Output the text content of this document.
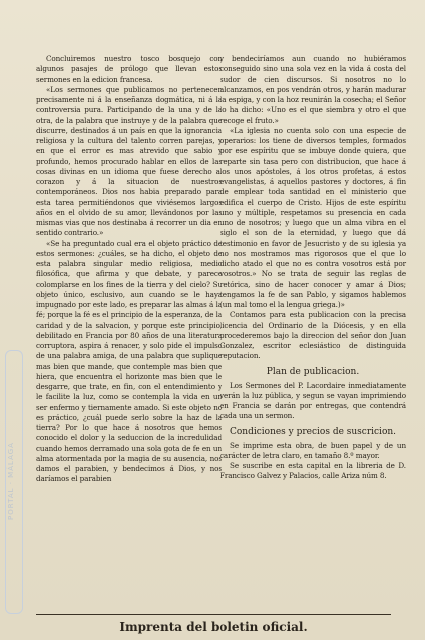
Concluiremos nuestro tosco bosquejo con algunos pasajes de prólogo que llevan estos sermones en la edicion francesa.

«Los sermones que publicamos no pertenecen precisamente ni á la enseñanza dogmática, ni á la controversia pura. Participando de la una y de la otra, de la palabra que instruye y de la palabra que discurre, destinados á un país en que la ignorancia religiosa y la cultura del talento corren parejas, y en que el error es mas atrevido que sabio y profundo, hemos procurado hablar en ellos de las cosas divinas en un idioma que fuese derecho al corazon y á la situacion de nuestros contemporáneos. Dios nos habia preparado para esta tarea permitiéndonos que viviésemos largos años en el olvido de su amor, llevándonos por las mismas vias que nos destinaba á recorrer un dia en sentido contrario.»

«Se ha preguntado cual era el objeto práctico de estos sermones: ¿cuáles, se ha dicho, el objeto de esta palabra singular medio religiosa, medio filosófica, que afirma y que debate, y parece colomplarse en los fines de la tierra y del cielo? Su objeto único, esclusivo, aun cuando se le haya impugnado por este lado, es preparar las almas á la fé; porque la fé es el principio de la esperanza, de la caridad y de la salvacion, y porque este principio, debilitado en Francia por 80 años de una literatura corruptora, aspira á renacer, y solo pide el impulso de una palabra amiga, de una palabra que suplique mas bien que mande, que contemple mas bien que hiera, que encuentra el horizonte mas bien que le desgarre, que trate, en fin, con el entendimiento y le facilite la luz, como se contempla la vida en un ser enfermo y tiernamente amado. Si este objeto no es práctico, ¿cuál puede serlo sobre la haz de la tierra? Por lo que hace á nosotros que hemos conocido el dolor y la seduccion de la incredulidad cuando hemos derramado una sola gota de fe en un alma atormentada por la magia de su ausencia, nos damos el parabien, y bendecimos á Dios, y nos daríamos el parabien

y bendeciríamos aun cuando no hubiéramos conseguido sino una sola vez en la vida á costa del sudor de cien discursos. Si nosotros no lo alcanzamos, en pos vendrán otros, y harán madurar la espiga, y con la hoz reunirán la cosecha; el Señor lo ha dicho: «Uno es el que siembra y otro el que recoge el fruto.»

«La iglesia no cuenta solo con una especie de operarios: los tiene de diversos temples, formados por ese espíritu que se imbuye donde quiera, que reparte sin tasa pero con distribucion, que hace á los unos apóstoles, á los otros profetas, á estos evangelistas, á aquellos pastores y doctores, á fin de emplear toda santidad en el ministerio que edifica el cuerpo de Cristo. Hijos de este espíritu uno y múltiple, respetamos su presencia en cada uno de nosotros; y luego que un alma vibra en el siglo el son de la eternidad, y luego que dá testimonio en favor de Jesucristo y de su iglesia ya no nos mostramos mas rigorosos que el que lo dicho atado el que no es contra vosotros está por vosotros.» No se trata de seguir las reglas de retórica, sino de hacer conocer y amar á Dios; tengamos la fe de san Pablo, y sigamos hablemos (un mal tomo el la lengua griega.)»

Contamos para esta publicacion con la precisa licencia del Ordinario de la Diócesis, y en ella procederemos bajo la direccion del señor don Juan Gonzalez, escritor eclesiástico de distinguida reputacion.

Plan de publicacion.

Los Sermones del P. Lacordaire inmediatamente verán la luz pública, y segun se vayan imprimiendo en Francia se darán por entregas, que contendrá cada una un sermon.

Condiciones y precios de suscricion.

Se imprime esta obra, de buen papel y de un carácter de letra claro, en tamaño 8.º mayor.

Se suscribe en esta capital en la libreria de D. Francisco Galvez y Palacios, calle Ariza núm 8.

Imprenta del boletin oficial.
PORTAL · MÁLAGA
